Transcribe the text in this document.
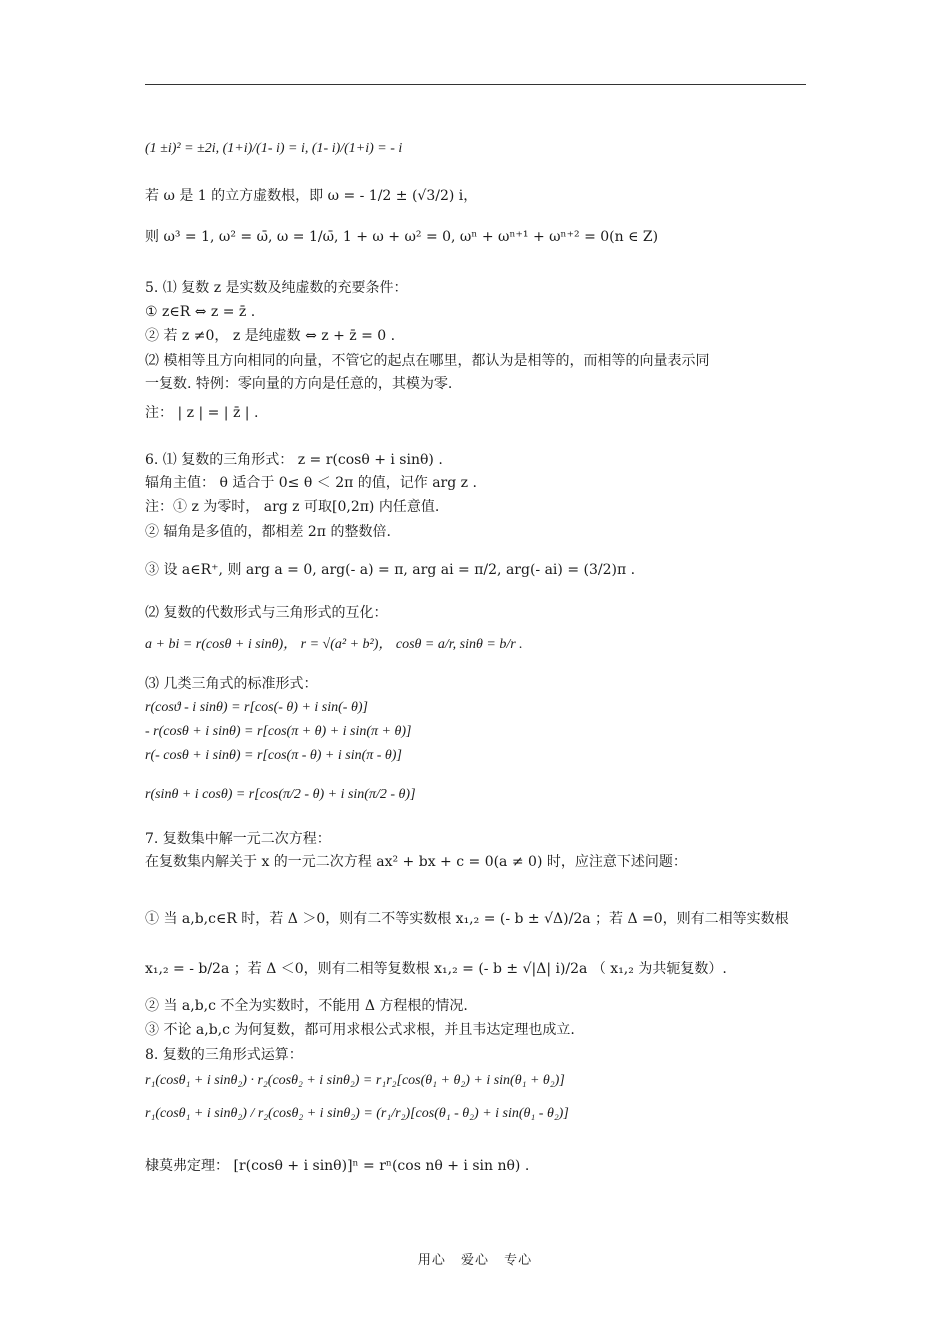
(1 ±i)² = ±2i, (1+i)/(1- i) = i, (1- i)/(1+i) = - i
若 ω 是 1 的立方虚数根，即 ω = - 1/2 ± (√3/2) i，
则 ω³ = 1, ω² = ω̄, ω = 1/ω̄, 1 + ω + ω² = 0, ωⁿ + ωⁿ⁺¹ + ωⁿ⁺² = 0(n ∈ Z)
5. ⑴ 复数 z 是实数及纯虚数的充要条件：
① z∈R ⇔ z = z̄ .
② 若 z ≠0， z 是纯虚数 ⇔ z + z̄ = 0 .
⑵ 模相等且方向相同的向量，不管它的起点在哪里，都认为是相等的，而相等的向量表示同
一复数. 特例：零向量的方向是任意的，其模为零.
注： | z | = | z̄ | .
6. ⑴ 复数的三角形式： z = r(cosθ + i sinθ) .
辐角主值： θ 适合于 0≤ θ ＜ 2π 的值，记作 arg z .
注：① z 为零时， arg z 可取[0,2π) 内任意值.
② 辐角是多值的，都相差 2π 的整数倍.
③ 设 a∈R⁺, 则 arg a = 0, arg(- a) = π, arg ai = π/2, arg(- ai) = (3/2)π .
⑵ 复数的代数形式与三角形式的互化：
a + bi = r(cosθ + i sinθ)， r = √(a² + b²)， cosθ = a/r, sinθ = b/r .
⑶ 几类三角式的标准形式：
r(cosϑ - i sinθ) = r[cos(- θ) + i sin(- θ)]
- r(cosθ + i sinθ) = r[cos(π + θ) + i sin(π + θ)]
r(- cosθ + i sinθ) = r[cos(π - θ) + i sin(π - θ)]
r(sinθ + i cosθ) = r[cos(π/2 - θ) + i sin(π/2 - θ)]
7. 复数集中解一元二次方程：
在复数集内解关于 x 的一元二次方程 ax² + bx + c = 0(a ≠ 0) 时，应注意下述问题：
① 当 a,b,c∈R 时，若 Δ ＞0，则有二不等实数根 x₁,₂ = (- b ± √Δ)/2a ；若 Δ =0，则有二相等实数根
x₁,₂ = - b/2a ；若 Δ ＜0，则有二相等复数根 x₁,₂ = (- b ± √|Δ| i)/2a （ x₁,₂ 为共轭复数）.
② 当 a,b,c 不全为实数时，不能用 Δ 方程根的情况.
③ 不论 a,b,c 为何复数，都可用求根公式求根，并且韦达定理也成立.
8. 复数的三角形式运算：
r₁(cosθ₁ + i sinθ₂) · r₂(cosθ₂ + i sinθ₂) = r₁r₂[cos(θ₁ + θ₂) + i sin(θ₁ + θ₂)]
r₁(cosθ₁ + i sinθ₂) / r₂(cosθ₂ + i sinθ₂) = (r₁/r₂)[cos(θ₁ - θ₂) + i sin(θ₁ - θ₂)]
棣莫弗定理： [r(cosθ + i sinθ)]ⁿ = rⁿ(cos nθ + i sin nθ) .
用心 爱心 专心
